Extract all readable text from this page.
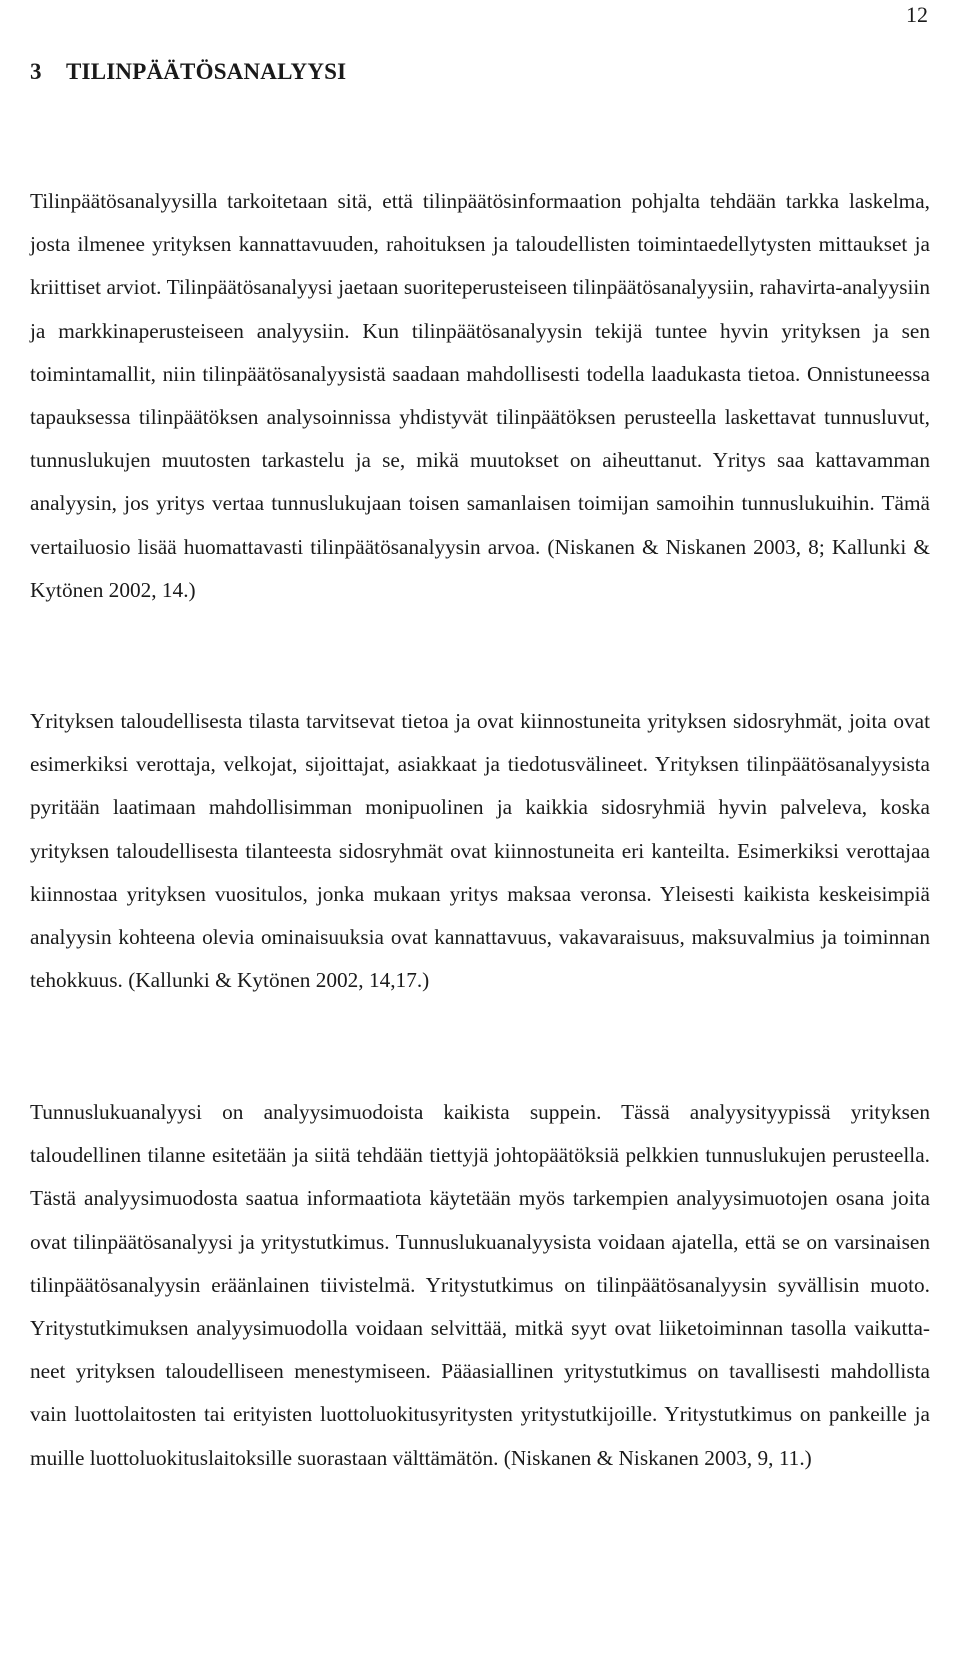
12
3 TILINPÄÄTÖSANALYYSI

Tilinpäätösanalyysilla tarkoitetaan sitä, että tilinpäätösinformaation pohjalta tehdään tarkka laskelma, josta ilmenee yrityksen kannattavuuden, rahoituksen ja taloudellisten toimintaedellytysten mittaukset ja kriittiset arviot. Tilinpäätösanalyysi jaetaan suoriteperusteiseen tilinpäätösanalyysiin, rahavirta-analyysiin ja markkinaperusteiseen analyysiin. Kun tilinpäätösanalyysin tekijä tuntee hyvin yrityksen ja sen toimintamallit, niin tilinpäätösanalyysistä saadaan mahdollisesti todella laadukasta tietoa. Onnistuneessa tapauksessa tilinpäätöksen analysoinnissa yhdistyvät tilinpäätöksen perusteella laskettavat tunnusluvut, tunnuslukujen muutosten tarkastelu ja se, mikä muutokset on aiheuttanut. Yritys saa kattavamman analyysin, jos yritys vertaa tunnuslukujaan toisen samanlaisen toimijan samoihin tunnuslukuihin. Tämä vertailuosio lisää huomattavasti tilinpäätösanalyysin arvoa. (Niskanen & Niskanen 2003, 8; Kallunki & Kytönen 2002, 14.)

Yrityksen taloudellisesta tilasta tarvitsevat tietoa ja ovat kiinnostuneita yrityksen sidosryhmät, joita ovat esimerkiksi verottaja, velkojat, sijoittajat, asiakkaat ja tiedotusvälineet. Yrityksen tilinpäätösanalyysista pyritään laatimaan mahdollisimman monipuolinen ja kaikkia sidosryhmiä hyvin palveleva, koska yrityksen taloudellisesta tilanteesta sidosryhmät ovat kiinnostuneita eri kanteilta. Esimerkiksi verottajaa kiinnostaa yrityksen vuositulos, jonka mukaan yritys maksaa veronsa. Yleisesti kaikista keskeisimpiä analyysin kohteena olevia ominaisuuksia ovat kannattavuus, vakavaraisuus, maksuvalmius ja toiminnan tehokkuus. (Kallunki & Kytönen 2002, 14,17.)

Tunnuslukuanalyysi on analyysimuodoista kaikista suppein. Tässä analyysityypissä yrityksen taloudellinen tilanne esitetään ja siitä tehdään tiettyjä johtopäätöksiä pelkkien tunnuslukujen perusteella. Tästä analyysimuodosta saatua informaatiota käytetään myös tarkempien analyysimuotojen osana joita ovat tilinpäätösanalyysi ja yritystutkimus. Tunnuslukuanalyysista voidaan ajatella, että se on varsinaisen tilinpäätösanalyysin eräänlainen tiivistelmä. Yritystutkimus on tilinpäätösanalyysin syvällisin muoto. Yritystutkimuksen analyysimuodolla voidaan selvittää, mitkä syyt ovat liiketoiminnan tasolla vaikuttaneet yrityksen taloudelliseen menestymiseen. Pääasiallinen yritystutkimus on tavallisesti mahdollista vain luottolaitosten tai erityisten luottoluokitusyritysten yritystutkijoille. Yritystutkimus on pankeille ja muille luottoluokituslaitoksille suorastaan välttämätön. (Niskanen & Niskanen 2003, 9, 11.)
